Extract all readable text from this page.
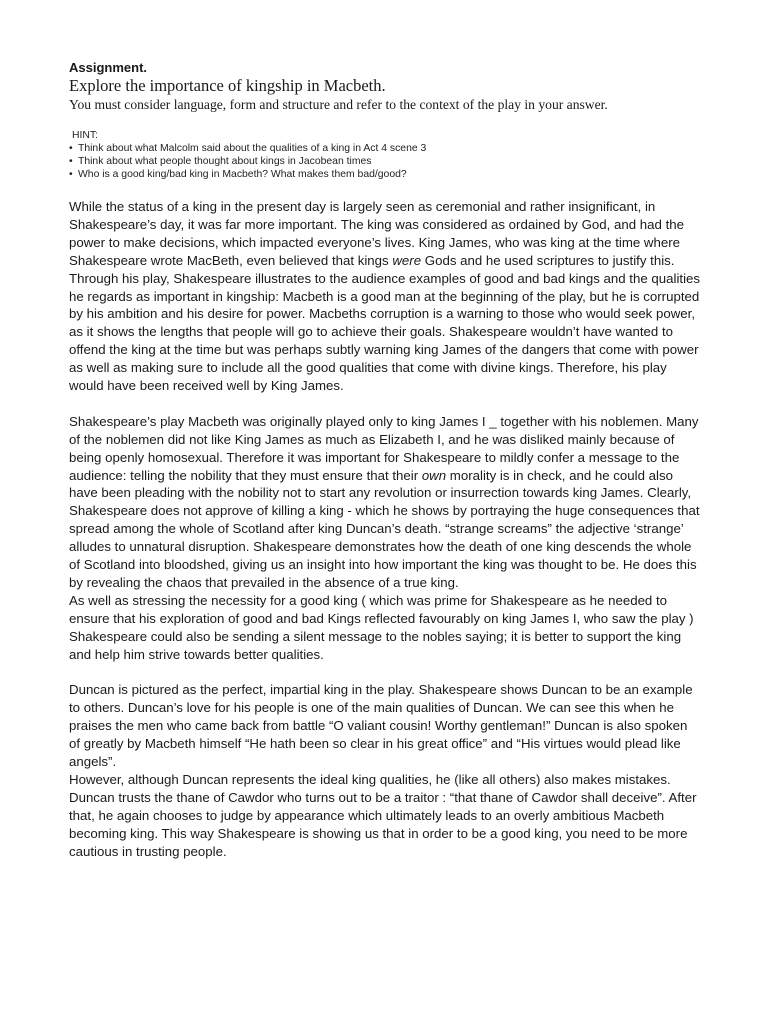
Assignment.

Explore the importance of kingship in Macbeth.

You must consider language, form and structure and refer to the context of the play in your answer.

HINT:

• Think about what Malcolm said about the qualities of a king in Act 4 scene 3

• Think about what people thought about kings in Jacobean times

• Who is a good king/bad king in Macbeth? What makes them bad/good?

While the status of a king in the present day is largely seen as ceremonial and rather insignificant, in Shakespeare’s day, it was far more important. The king was considered as ordained by God, and had the power to make decisions, which impacted everyone’s lives. King James, who was king at the time where Shakespeare wrote MacBeth, even believed that kings were Gods and he used scriptures to justify this. Through his play, Shakespeare illustrates to the audience examples of good and bad kings and the qualities he regards as important in kingship: Macbeth is a good man at the beginning of the play, but he is corrupted by his ambition and his desire for power. Macbeths corruption is a warning to those who would seek power, as it shows the lengths that people will go to achieve their goals. Shakespeare wouldn’t have wanted to offend the king at the time but was perhaps subtly warning king James of the dangers that come with power as well as making sure to include all the good qualities that come with divine kings. Therefore, his play would have been received well by King James.

Shakespeare’s play Macbeth was originally played only to king James I _ together with his noblemen. Many of the noblemen did not like King James as much as Elizabeth I, and he was disliked mainly because of being openly homosexual. Therefore it was important for Shakespeare to mildly confer a message to the audience: telling the nobility that they must ensure that their own morality is in check, and he could also have been pleading with the nobility not to start any revolution or insurrection towards king James. Clearly, Shakespeare does not approve of killing a king - which he shows by portraying the huge consequences that spread among the whole of Scotland after king Duncan’s death. “strange screams” the adjective ‘strange’ alludes to unnatural disruption. Shakespeare demonstrates how the death of one king descends the whole of Scotland into bloodshed, giving us an insight into how important the king was thought to be. He does this by revealing the chaos that prevailed in the absence of a true king.

As well as stressing the necessity for a good king ( which was prime for Shakespeare as he needed to ensure that his exploration of good and bad Kings reflected favourably on king James I, who saw the play ) Shakespeare could also be sending a silent message to the nobles saying; it is better to support the king and help him strive towards better qualities.

Duncan is pictured as the perfect, impartial king in the play. Shakespeare shows Duncan to be an example to others. Duncan’s love for his people is one of the main qualities of Duncan. We can see this when he praises the men who came back from battle “O valiant cousin! Worthy gentleman!” Duncan is also spoken of greatly by Macbeth himself “He hath been so clear in his great office” and “His virtues would plead like angels”.

However, although Duncan represents the ideal king qualities, he (like all others) also makes mistakes. Duncan trusts the thane of Cawdor who turns out to be a traitor : “that thane of Cawdor shall deceive”. After that, he again chooses to judge by appearance which ultimately leads to an overly ambitious Macbeth becoming king. This way Shakespeare is showing us that in order to be a good king, you need to be more cautious in trusting people.
